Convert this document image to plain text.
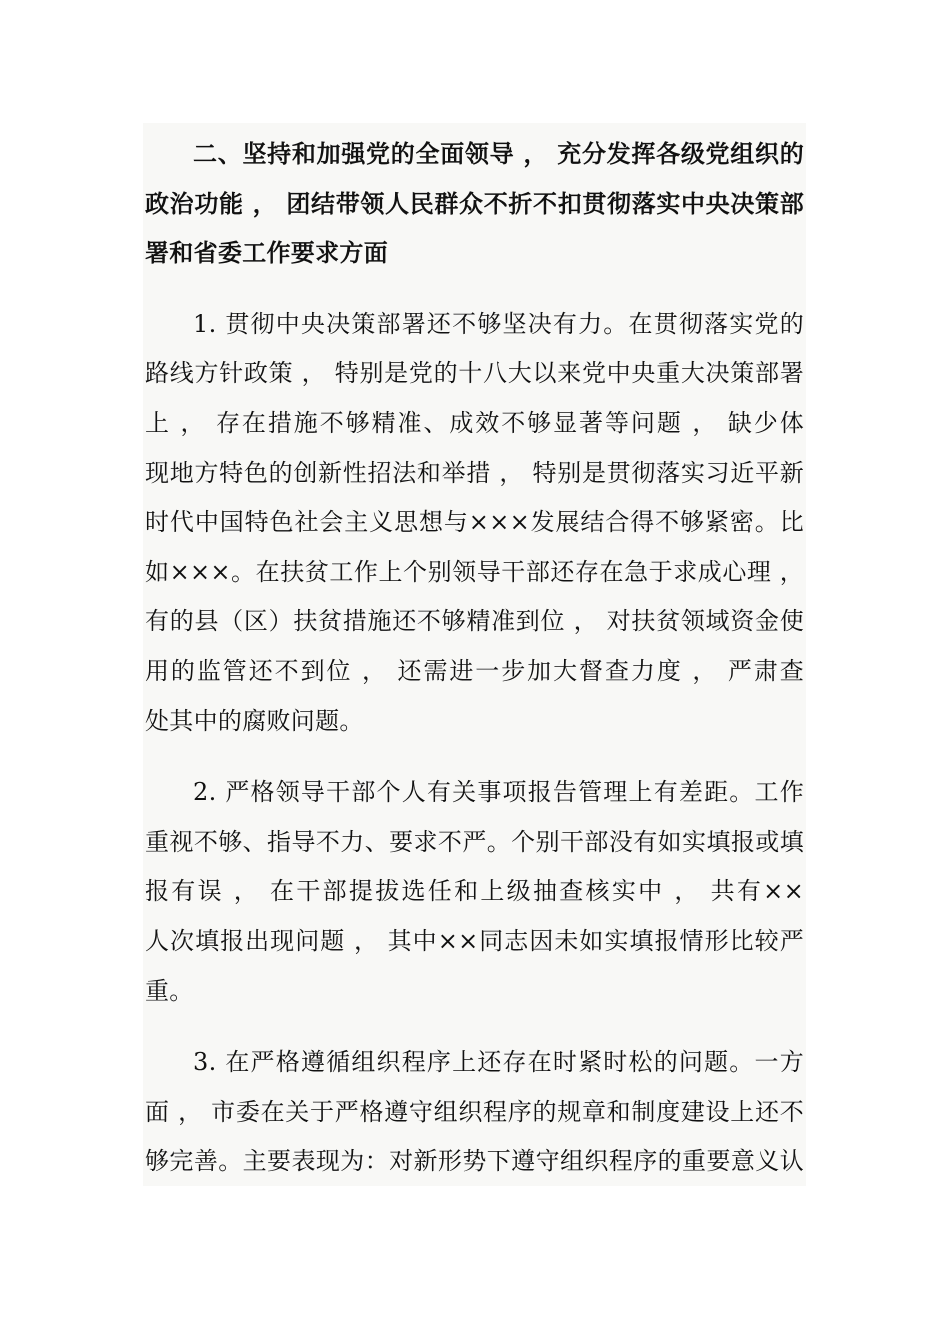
二、坚持和加强党的全面领导 ， 充分发挥各级党组织的
政治功能 ， 团结带领人民群众不折不扣贯彻落实中央决策部
署和省委工作要求方面
1. 贯彻中央决策部署还不够坚决有力。在贯彻落实党的
路线方针政策 ， 特别是党的十八大以来党中央重大决策部署
上 ， 存在措施不够精准、成效不够显著等问题 ， 缺少体
现地方特色的创新性招法和举措 ， 特别是贯彻落实习近平新
时代中国特色社会主义思想与×××发展结合得不够紧密。比
如×××。在扶贫工作上个别领导干部还存在急于求成心理 ，
有的县（区）扶贫措施还不够精准到位 ， 对扶贫领域资金使
用的监管还不到位 ， 还需进一步加大督查力度 ， 严肃查
处其中的腐败问题。
2. 严格领导干部个人有关事项报告管理上有差距。工作
重视不够、指导不力、要求不严。个别干部没有如实填报或填
报有误 ， 在干部提拔选任和上级抽查核实中 ， 共有××
人次填报出现问题 ， 其中××同志因未如实填报情形比较严
重。
3. 在严格遵循组织程序上还存在时紧时松的问题。一方
面 ， 市委在关于严格遵守组织程序的规章和制度建设上还不
够完善。主要表现为：对新形势下遵守组织程序的重要意义认
